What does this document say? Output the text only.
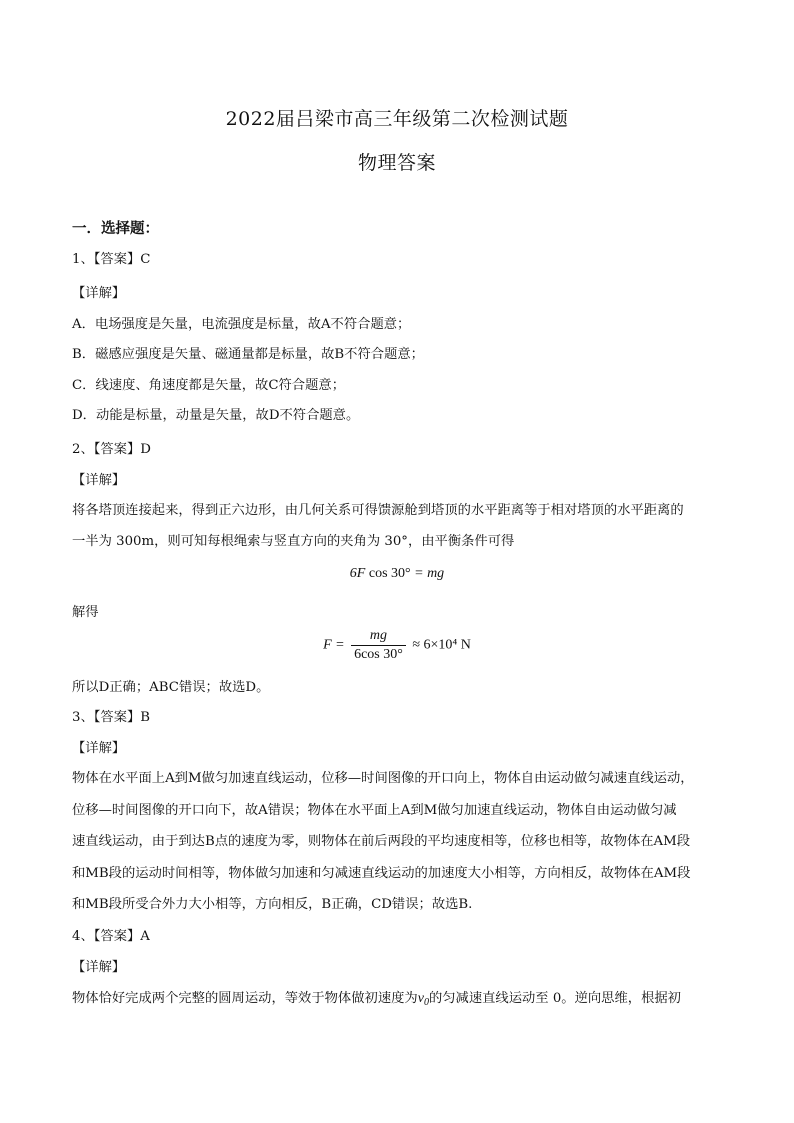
2022届吕梁市高三年级第二次检测试题
物理答案
一．选择题：
1、【答案】C
【详解】
A．电场强度是矢量，电流强度是标量，故A不符合题意；
B．磁感应强度是矢量、磁通量都是标量，故B不符合题意；
C．线速度、角速度都是矢量，故C符合题意；
D．动能是标量，动量是矢量，故D不符合题意。
2、【答案】D
【详解】
将各塔顶连接起来，得到正六边形，由几何关系可得馈源舱到塔顶的水平距离等于相对塔顶的水平距离的
一半为 300m，则可知每根绳索与竖直方向的夹角为 30°，由平衡条件可得
6F cos 30° = mg
解得
$F = \frac{mg}{6\cos 30^\circ} \approx 6\times 10^4$ N
所以D正确；ABC错误；故选D。
3、【答案】B
【详解】
物体在水平面上A到M做匀加速直线运动，位移—时间图像的开口向上，物体自由运动做匀减速直线运动，
位移—时间图像的开口向下，故A错误；物体在水平面上A到M做匀加速直线运动，物体自由运动做匀减
速直线运动，由于到达B点的速度为零，则物体在前后两段的平均速度相等，位移也相等，故物体在AM段
和MB段的运动时间相等，物体做匀加速和匀减速直线运动的加速度大小相等，方向相反，故物体在AM段
和MB段所受合外力大小相等，方向相反，B正确，CD错误；故选B.
4、【答案】A
【详解】
物体恰好完成两个完整的圆周运动，等效于物体做初速度为$v_0$的匀减速直线运动至 0。逆向思维，根据初
